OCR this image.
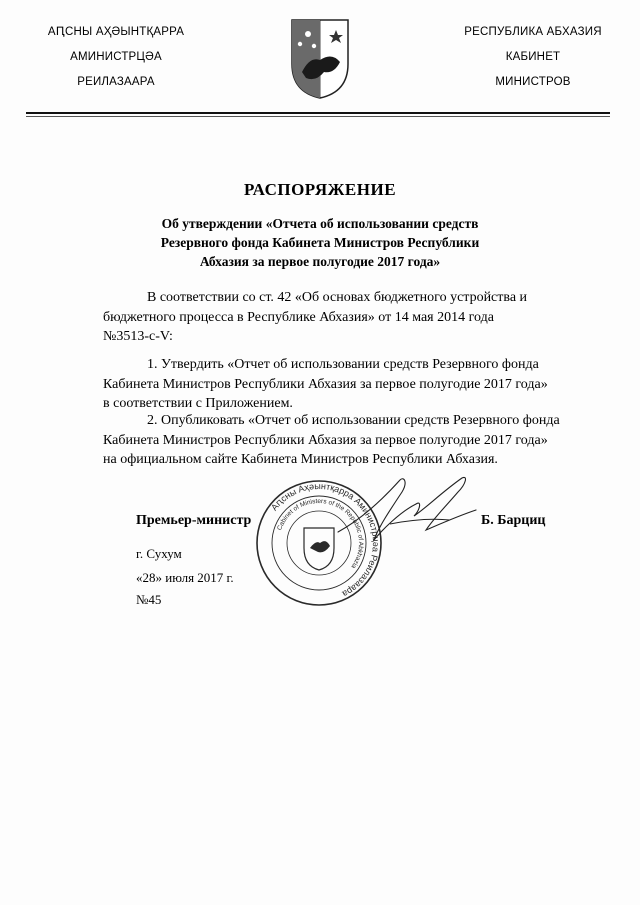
АԤСНЫ АҲӘЫНТҚАРРА
АМИНИСТРЦӘА
РЕИЛАЗААРА
РЕСПУБЛИКА АБХАЗИЯ
КАБИНЕТ
МИНИСТРОВ
РАСПОРЯЖЕНИЕ
Об утверждении «Отчета об использовании средств
Резервного фонда Кабинета Министров Республики
Абхазия за первое полугодие 2017 года»
В соответствии со ст. 42 «Об основах бюджетного устройства и
бюджетного процесса в Республике Абхазия» от 14 мая 2014 года
№3513-с-V:
1. Утвердить «Отчет об использовании средств Резервного фонда
Кабинета Министров Республики Абхазия за первое полугодие 2017 года»
в соответствии с Приложением.
2. Опубликовать «Отчет об использовании средств Резервного фонда
Кабинета Министров Республики Абхазия за первое полугодие 2017 года»
на официальном сайте Кабинета Министров Республики Абхазия.
Аԥсны Аҳәынтқарра Аминистрцәа Реилазаара
Cabinet of Ministers of the Republic of Abkhazia
Премьер-министр	Б. Барциц
г. Сухум
«28» июля 2017 г.
№45
